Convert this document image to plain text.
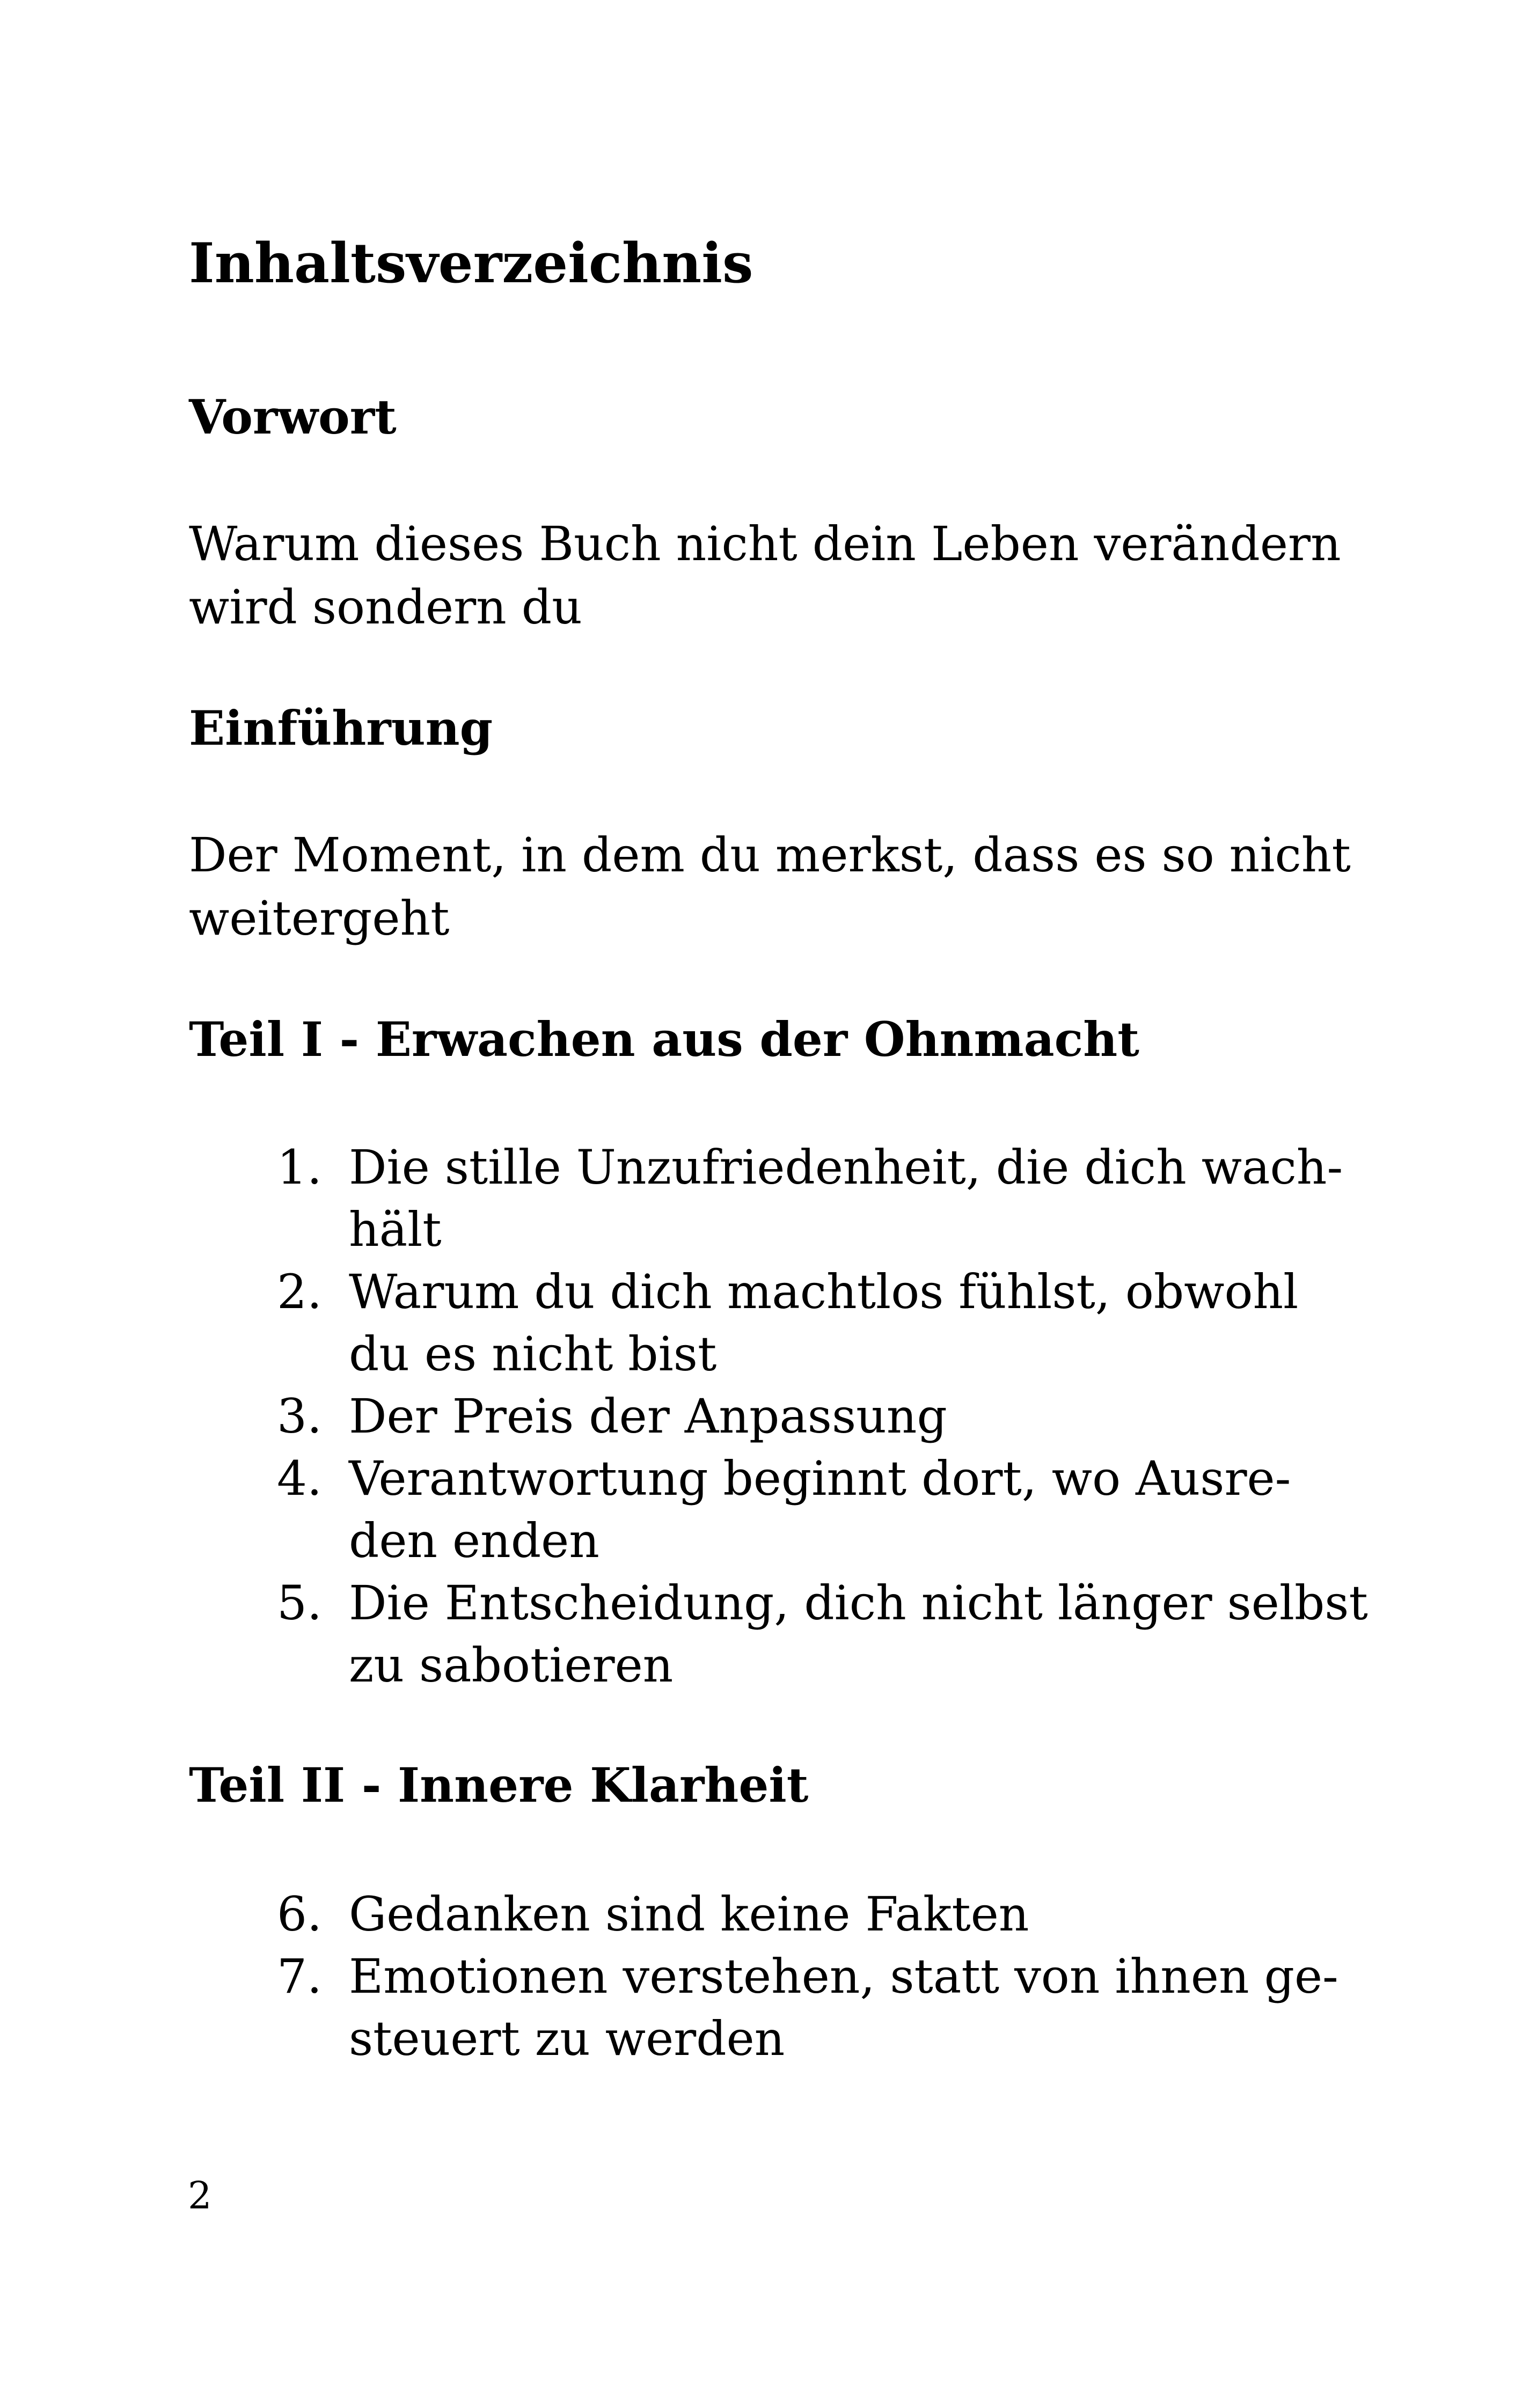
Inhaltsverzeichnis
Vorwort

Warum dieses Buch nicht dein Leben verändern
wird sondern du

Einführung

Der Moment, in dem du merkst, dass es so nicht
weitergeht

Teil I - Erwachen aus der Ohnmacht
1. Die stille Unzufriedenheit, die dich wach-
hält
2. Warum du dich machtlos fühlst, obwohl
du es nicht bist
3. Der Preis der Anpassung
4. Verantwortung beginnt dort, wo Ausre-
den enden
5. Die Entscheidung, dich nicht länger selbst
zu sabotieren
Teil II - Innere Klarheit
6. Gedanken sind keine Fakten
7. Emotionen verstehen, statt von ihnen ge-
steuert zu werden
2
